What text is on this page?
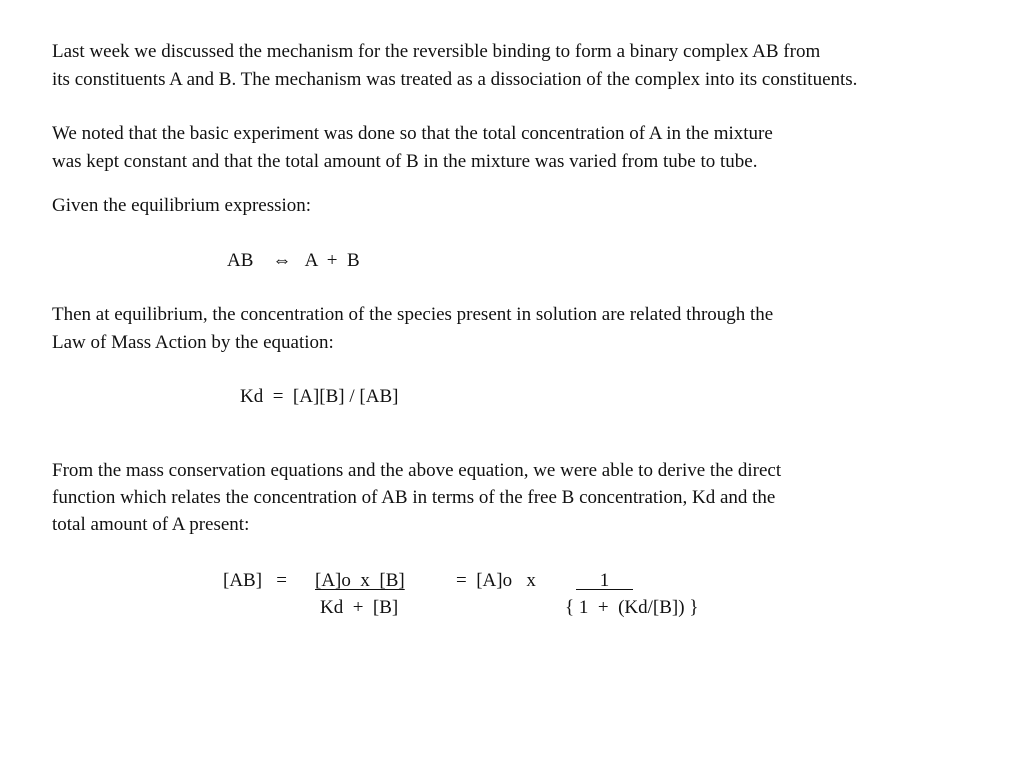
Last week we discussed the mechanism for the reversible binding to form a binary complex AB from
its constituents A and B. The mechanism was treated as a dissociation of the complex into its constituents.
We noted that the basic experiment was done so that the total concentration of A in the mixture
was kept constant and that the total amount of B in the mixture was varied from tube to tube.
Given the equilibrium expression:
AB    ⇔   A  +  B
Then at equilibrium, the concentration of the species present in solution are related through the
Law of Mass Action by the equation:
Kd  =  [A][B] / [AB]
From the mass conservation equations and the above equation, we were able to derive the direct
function which relates the concentration of AB in terms of the free B concentration, Kd and the
total amount of A present:
[AB]   = [A]o  x  [B]
Kd  +  [B]
=  [A]o   x 1
{ 1  +  (Kd/[B]) }
